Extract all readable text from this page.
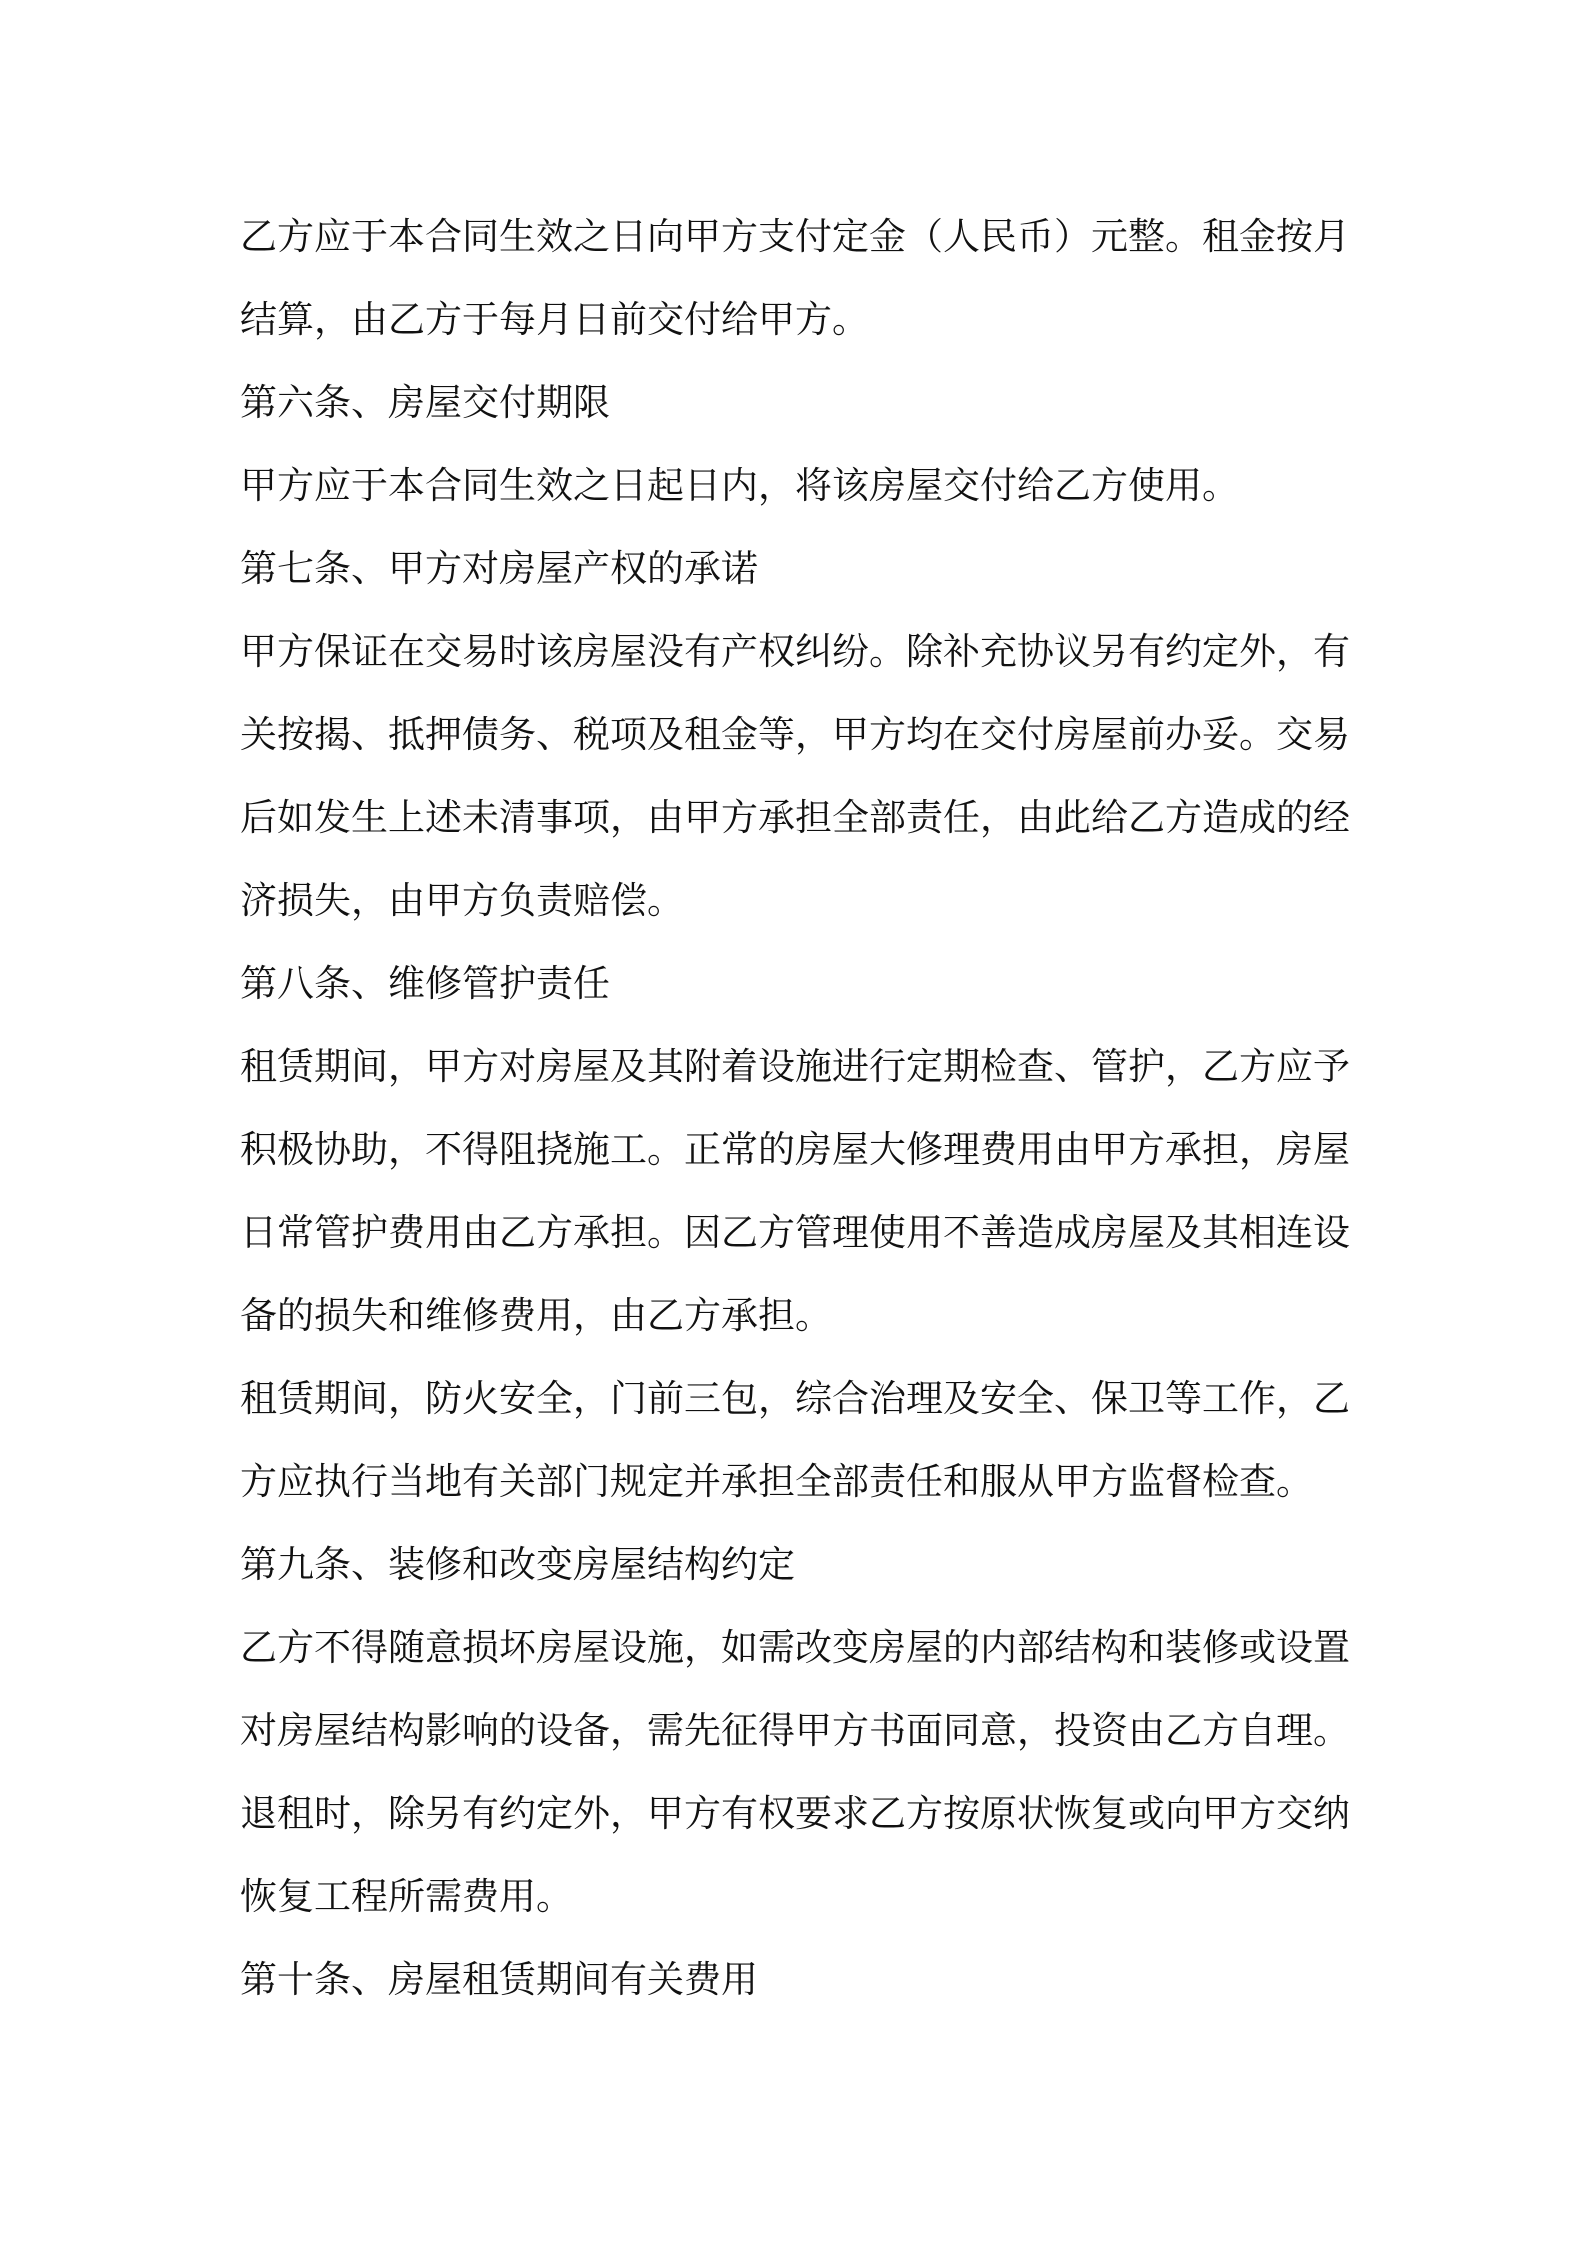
乙方应于本合同生效之日向甲方支付定金（人民币）元整。租金按月
结算，由乙方于每月日前交付给甲方。
第六条、房屋交付期限
甲方应于本合同生效之日起日内，将该房屋交付给乙方使用。
第七条、甲方对房屋产权的承诺
甲方保证在交易时该房屋没有产权纠纷。除补充协议另有约定外，有
关按揭、抵押债务、税项及租金等，甲方均在交付房屋前办妥。交易
后如发生上述未清事项，由甲方承担全部责任，由此给乙方造成的经
济损失，由甲方负责赔偿。
第八条、维修管护责任
租赁期间，甲方对房屋及其附着设施进行定期检查、管护，乙方应予
积极协助，不得阻挠施工。正常的房屋大修理费用由甲方承担，房屋
日常管护费用由乙方承担。因乙方管理使用不善造成房屋及其相连设
备的损失和维修费用，由乙方承担。
租赁期间，防火安全，门前三包，综合治理及安全、保卫等工作，乙
方应执行当地有关部门规定并承担全部责任和服从甲方监督检查。
第九条、装修和改变房屋结构约定
乙方不得随意损坏房屋设施，如需改变房屋的内部结构和装修或设置
对房屋结构影响的设备，需先征得甲方书面同意，投资由乙方自理。
退租时，除另有约定外，甲方有权要求乙方按原状恢复或向甲方交纳
恢复工程所需费用。
第十条、房屋租赁期间有关费用
